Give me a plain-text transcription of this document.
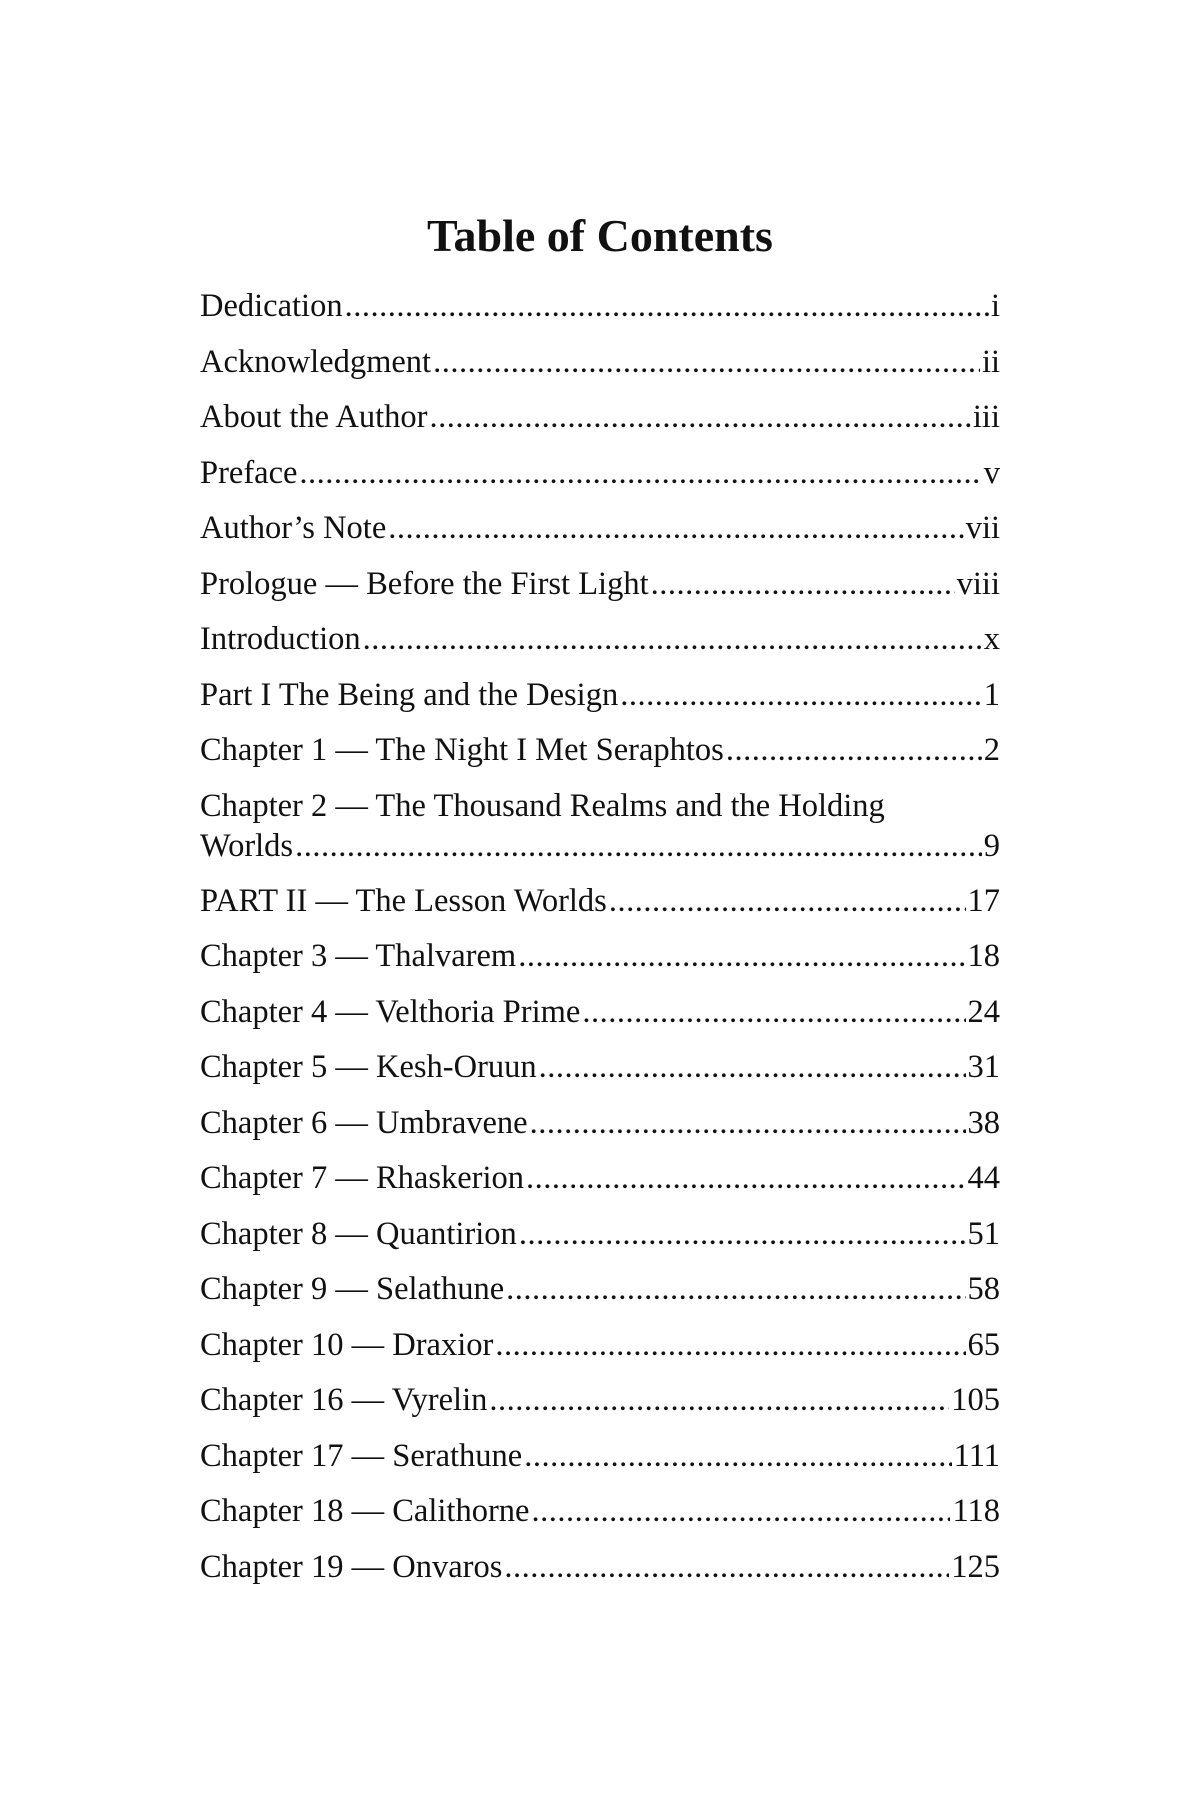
Table of Contents
Dedication .....	i
Acknowledgment .....	ii
About the Author .....	iii
Preface .....	v
Author’s Note .....	vii
Prologue — Before the First Light .....	viii
Introduction .....	x
Part I The Being and the Design .....	1
Chapter 1 — The Night I Met Seraphtos .....	2
Chapter 2 — The Thousand Realms and the Holding
Worlds .....	9
PART II — The Lesson Worlds .....	17
Chapter 3 — Thalvarem .....	18
Chapter 4 — Velthoria Prime .....	24
Chapter 5 — Kesh-Oruun .....	31
Chapter 6 — Umbravene .....	38
Chapter 7 — Rhaskerion .....	44
Chapter 8 — Quantirion .....	51
Chapter 9 — Selathune .....	58
Chapter 10 — Draxior .....	65
Chapter 16 — Vyrelin .....	105
Chapter 17 — Serathune .....	111
Chapter 18 — Calithorne .....	118
Chapter 19 — Onvaros .....	125
